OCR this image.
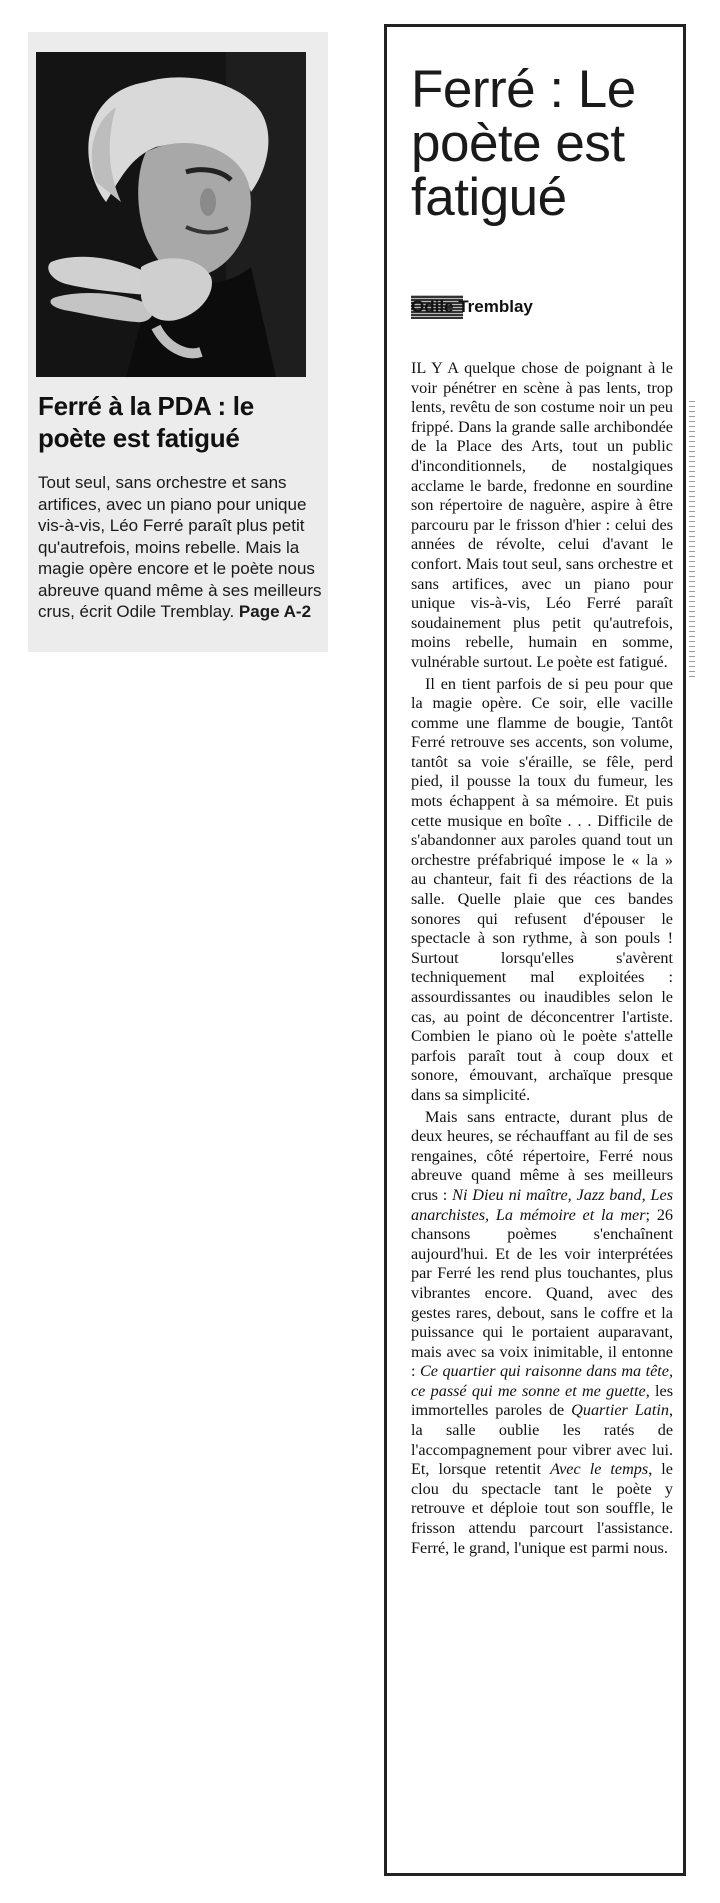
Ferré à la PDA : le poète est fatigué

Tout seul, sans orchestre et sans artifices, avec un piano pour unique vis-à-vis, Léo Ferré paraît plus petit qu'autrefois, moins rebelle. Mais la magie opère encore et le poète nous abreuve quand même à ses meilleurs crus, écrit Odile Tremblay. Page A-2

Ferré : Le poète est fatigué
Odile Tremblay

IL Y A quelque chose de poignant à le voir pénétrer en scène à pas lents, trop lents, revêtu de son costume noir un peu frippé. Dans la grande salle archibondée de la Place des Arts, tout un public d'inconditionnels, de nostalgiques acclame le barde, fredonne en sourdine son répertoire de naguère, aspire à être parcouru par le frisson d'hier : celui des années de révolte, celui d'avant le confort. Mais tout seul, sans orchestre et sans artifices, avec un piano pour unique vis-à-vis, Léo Ferré paraît soudainement plus petit qu'autrefois, moins rebelle, humain en somme, vulnérable surtout. Le poète est fatigué.

Il en tient parfois de si peu pour que la magie opère. Ce soir, elle vacille comme une flamme de bougie, Tantôt Ferré retrouve ses accents, son volume, tantôt sa voie s'éraille, se fêle, perd pied, il pousse la toux du fumeur, les mots échappent à sa mémoire. Et puis cette musique en boîte . . . Difficile de s'abandonner aux paroles quand tout un orchestre préfabriqué impose le « la » au chanteur, fait fi des réactions de la salle. Quelle plaie que ces bandes sonores qui refusent d'épouser le spectacle à son rythme, à son pouls ! Surtout lorsqu'elles s'avèrent techniquement mal exploitées : assourdissantes ou inaudibles selon le cas, au point de déconcentrer l'artiste. Combien le piano où le poète s'attelle parfois paraît tout à coup doux et sonore, émouvant, archaïque presque dans sa simplicité.

Mais sans entracte, durant plus de deux heures, se réchauffant au fil de ses rengaines, côté répertoire, Ferré nous abreuve quand même à ses meilleurs crus : Ni Dieu ni maître, Jazz band, Les anarchistes, La mémoire et la mer; 26 chansons poèmes s'enchaînent aujourd'hui. Et de les voir interprétées par Ferré les rend plus touchantes, plus vibrantes encore. Quand, avec des gestes rares, debout, sans le coffre et la puissance qui le portaient auparavant, mais avec sa voix inimitable, il entonne : Ce quartier qui raisonne dans ma tête, ce passé qui me sonne et me guette, les immortelles paroles de Quartier Latin, la salle oublie les ratés de l'accompagnement pour vibrer avec lui. Et, lorsque retentit Avec le temps, le clou du spectacle tant le poète y retrouve et déploie tout son souffle, le frisson attendu parcourt l'assistance. Ferré, le grand, l'unique est parmi nous.
